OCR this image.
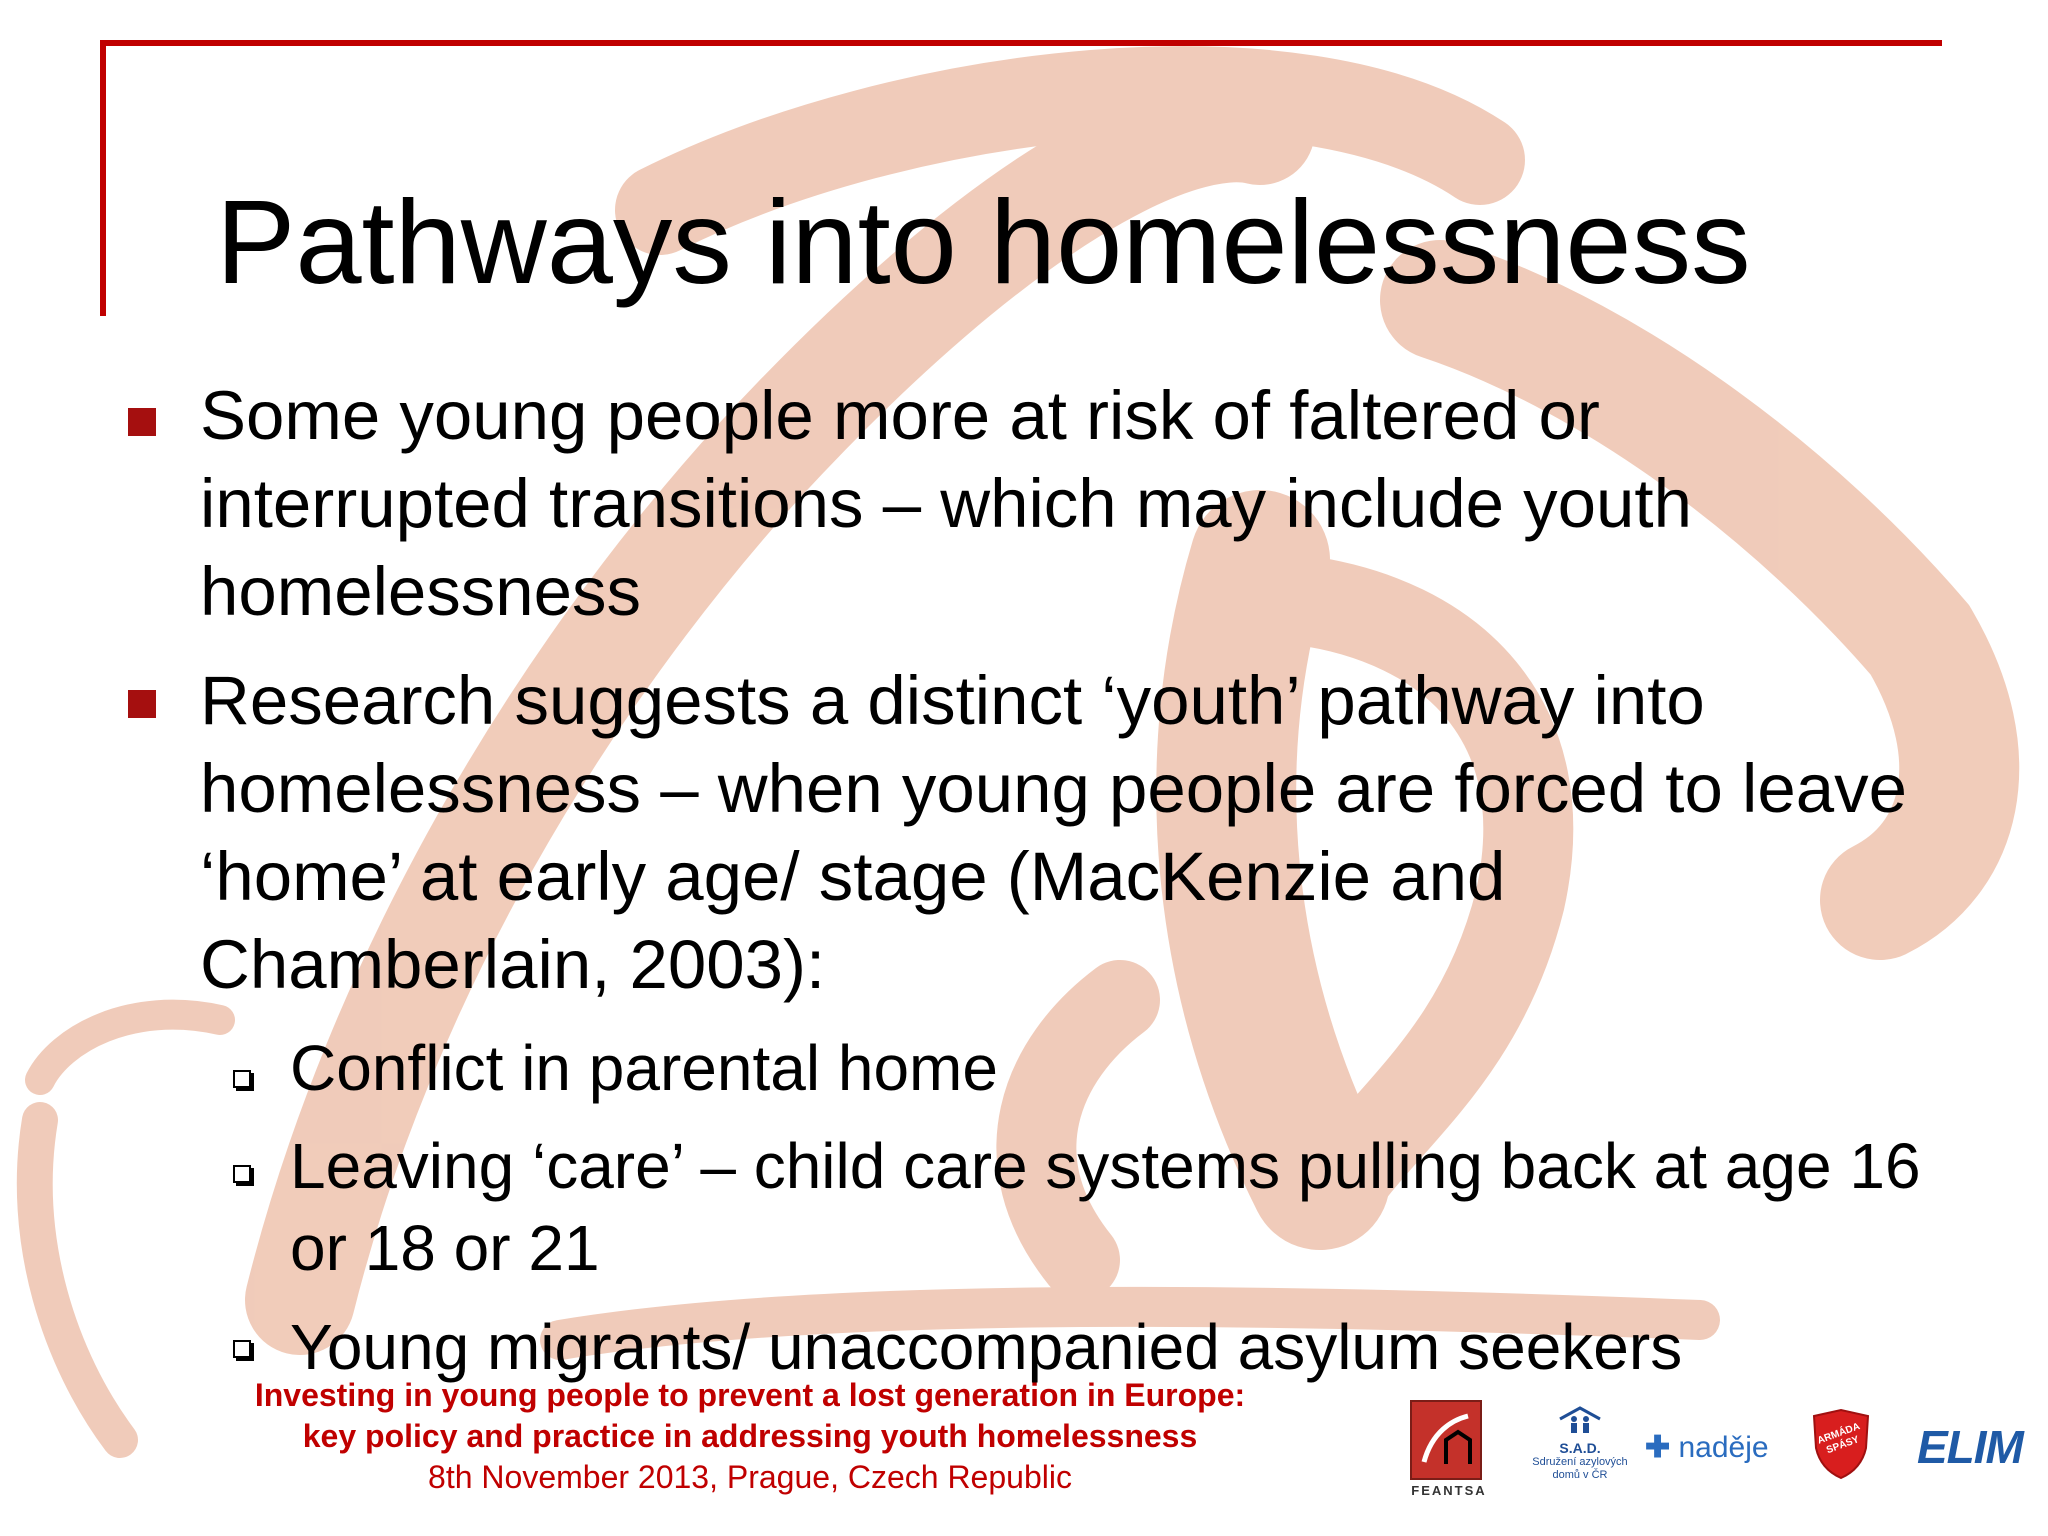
Pathways into homelessness
Some young people more at risk of faltered or interrupted transitions – which may include youth homelessness
Research suggests a distinct ‘youth’ pathway into homelessness – when young people are forced to leave ‘home’ at early age/ stage (MacKenzie and Chamberlain, 2003):
Conflict in parental home
Leaving ‘care’ – child care systems pulling back at age 16 or 18 or 21
Young migrants/ unaccompanied asylum seekers
Investing in young people to prevent a lost generation in Europe:
key policy and practice in addressing youth homelessness
8th November 2013, Prague, Czech Republic	FEANTSA
S.A.D.
Sdružení azylových domů v ČR
✚ naděje	ARMÁDA SPÁSY ELIM
